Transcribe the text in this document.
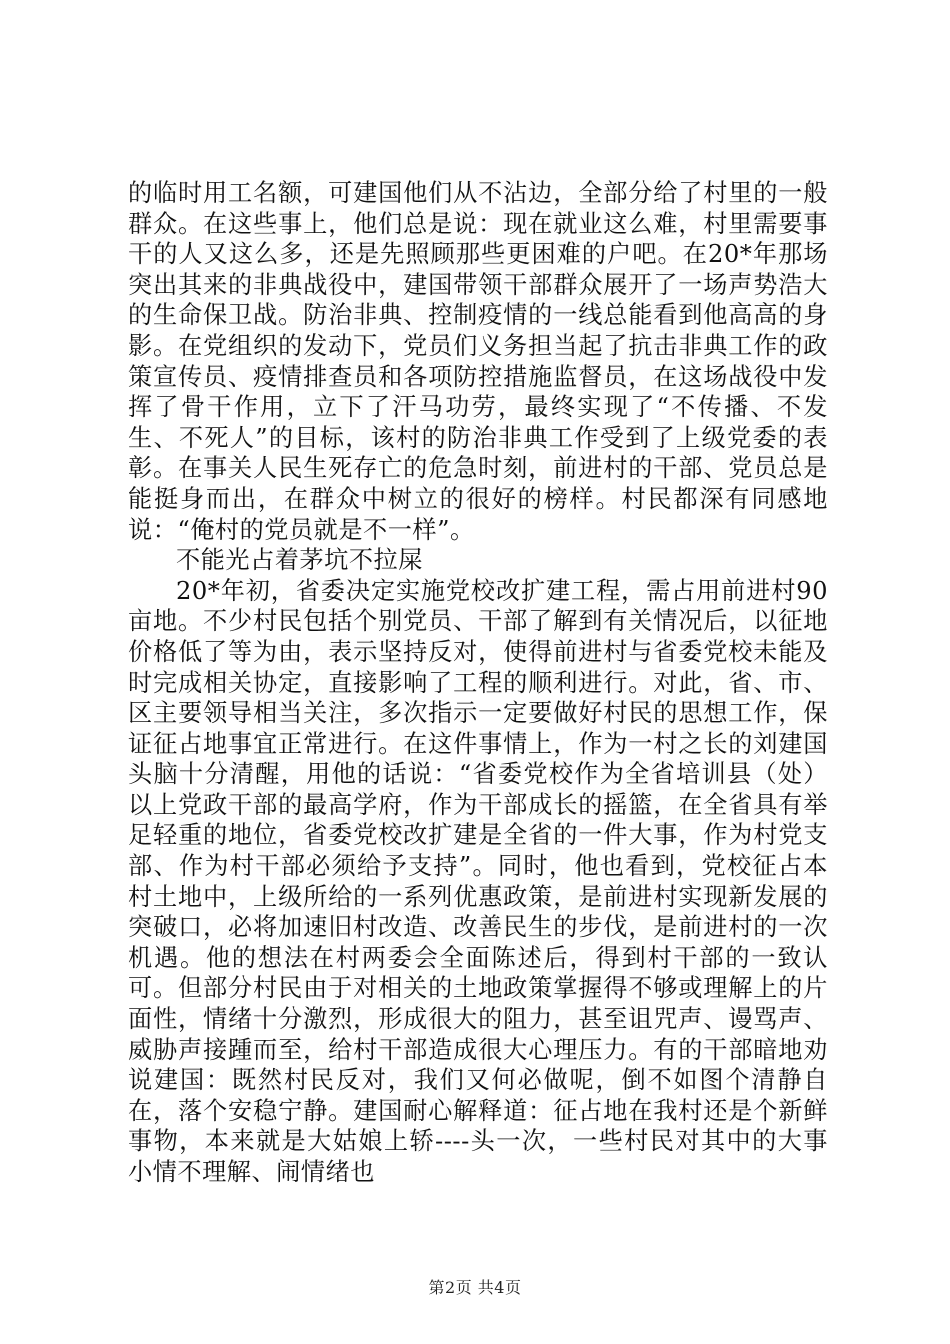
的临时用工名额，可建国他们从不沾边，全部分给了村里的一般群众。在这些事上，他们总是说：现在就业这么难，村里需要事干的人又这么多，还是先照顾那些更困难的户吧。在20*年那场突出其来的非典战役中，建国带领干部群众展开了一场声势浩大的生命保卫战。防治非典、控制疫情的一线总能看到他高高的身影。在党组织的发动下，党员们义务担当起了抗击非典工作的政策宣传员、疫情排查员和各项防控措施监督员，在这场战役中发挥了骨干作用，立下了汗马功劳，最终实现了“不传播、不发生、不死人”的目标，该村的防治非典工作受到了上级党委的表彰。在事关人民生死存亡的危急时刻，前进村的干部、党员总是能挺身而出，在群众中树立的很好的榜样。村民都深有同感地说：“俺村的党员就是不一样”。

不能光占着茅坑不拉屎

20*年初，省委决定实施党校改扩建工程，需占用前进村90亩地。不少村民包括个别党员、干部了解到有关情况后，以征地价格低了等为由，表示坚持反对，使得前进村与省委党校未能及时完成相关协定，直接影响了工程的顺利进行。对此，省、市、区主要领导相当关注，多次指示一定要做好村民的思想工作，保证征占地事宜正常进行。在这件事情上，作为一村之长的刘建国头脑十分清醒，用他的话说：“省委党校作为全省培训县（处）以上党政干部的最高学府，作为干部成长的摇篮，在全省具有举足轻重的地位，省委党校改扩建是全省的一件大事，作为村党支部、作为村干部必须给予支持”。同时，他也看到，党校征占本村土地中，上级所给的一系列优惠政策，是前进村实现新发展的突破口，必将加速旧村改造、改善民生的步伐，是前进村的一次机遇。他的想法在村两委会全面陈述后，得到村干部的一致认可。但部分村民由于对相关的土地政策掌握得不够或理解上的片面性，情绪十分激烈，形成很大的阻力，甚至诅咒声、谩骂声、威胁声接踵而至，给村干部造成很大心理压力。有的干部暗地劝说建国：既然村民反对，我们又何必做呢，倒不如图个清静自在，落个安稳宁静。建国耐心解释道：征占地在我村还是个新鲜事物，本来就是大姑娘上轿----头一次，一些村民对其中的大事小情不理解、闹情绪也

第2页 共4页
